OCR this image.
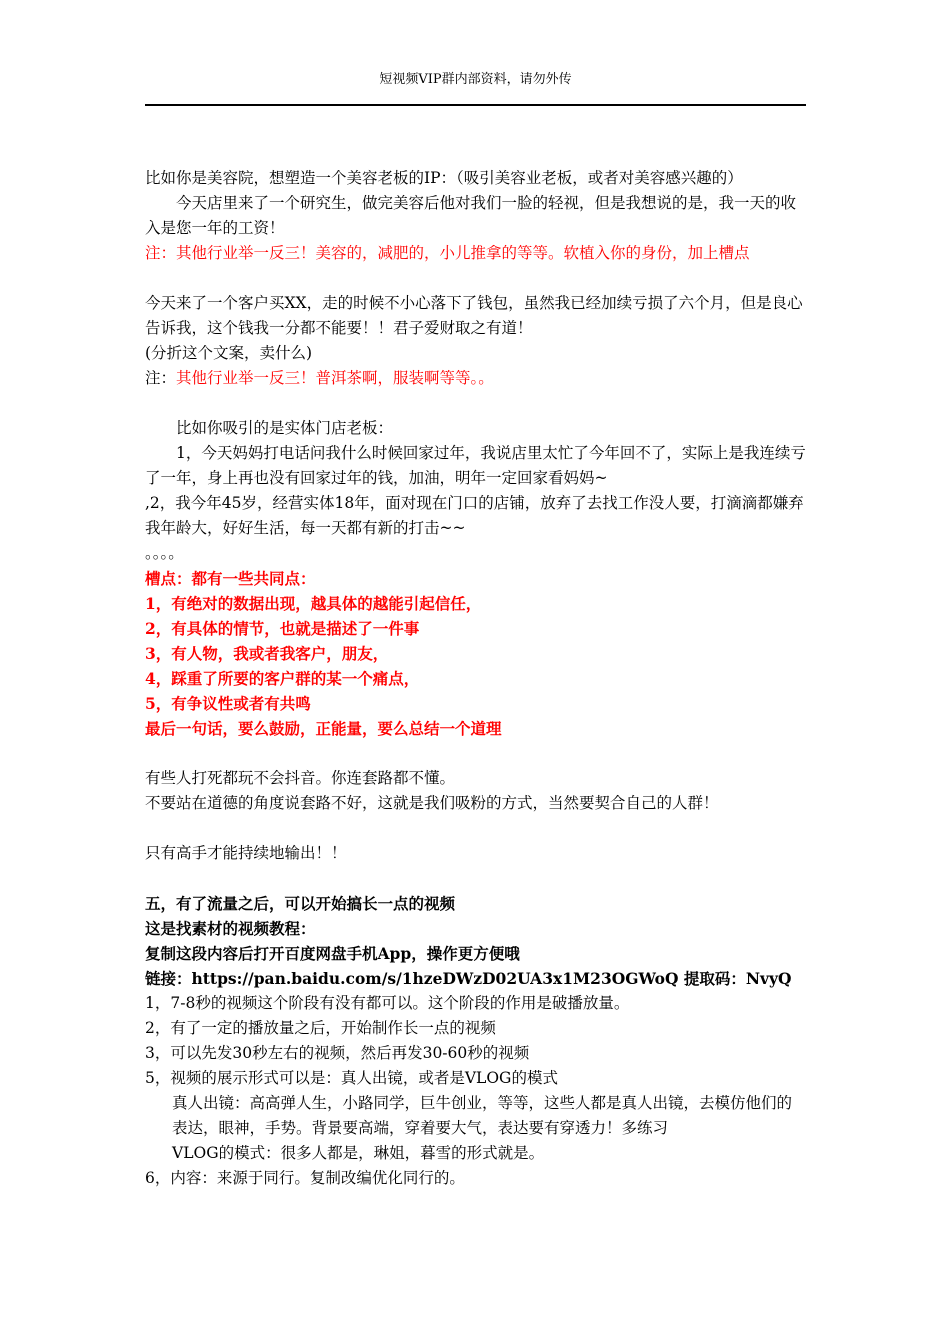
短视频VIP群内部资料，请勿外传

比如你是美容院，想塑造一个美容老板的IP：（吸引美容业老板，或者对美容感兴趣的）

今天店里来了一个研究生，做完美容后他对我们一脸的轻视，但是我想说的是，我一天的收入是您一年的工资！

注：其他行业举一反三！美容的，减肥的，小儿推拿的等等。软植入你的身份，加上槽点

今天来了一个客户买XX，走的时候不小心落下了钱包，虽然我已经加续亏损了六个月，但是良心告诉我，这个钱我一分都不能要！！君子爱财取之有道！

(分折这个文案，卖什么)

注：其他行业举一反三！普洱茶啊，服装啊等等。。

比如你吸引的是实体门店老板：

1，今天妈妈打电话问我什么时候回家过年，我说店里太忙了今年回不了，实际上是我连续亏了一年，身上再也没有回家过年的钱，加油，明年一定回家看妈妈~

,2，我今年45岁，经营实体18年，面对现在门口的店铺，放弃了去找工作没人要，打滴滴都嫌弃我年龄大，好好生活，每一天都有新的打击~~

。。。。

槽点：都有一些共同点：

1，有绝对的数据出现，越具体的越能引起信任，

2，有具体的情节，也就是描述了一件事

3，有人物，我或者我客户，朋友，

4，踩重了所要的客户群的某一个痛点，

5，有争议性或者有共鸣

最后一句话，要么鼓励，正能量，要么总结一个道理

有些人打死都玩不会抖音。你连套路都不懂。

不要站在道德的角度说套路不好，这就是我们吸粉的方式，当然要契合自己的人群！

只有高手才能持续地输出！！

五，有了流量之后，可以开始搞长一点的视频

这是找素材的视频教程：

复制这段内容后打开百度网盘手机App，操作更方便哦

链接：https://pan.baidu.com/s/1hzeDWzD02UA3x1M23OGWoQ 提取码：NvyQ

1，7-8秒的视频这个阶段有没有都可以。这个阶段的作用是破播放量。

2，有了一定的播放量之后，开始制作长一点的视频

3，可以先发30秒左右的视频，然后再发30-60秒的视频

5，视频的展示形式可以是：真人出镜，或者是VLOG的模式

真人出镜：高高弹人生，小路同学，巨牛创业，等等，这些人都是真人出镜，去模仿他们的表达，眼神，手势。背景要高端，穿着要大气，表达要有穿透力！多练习

VLOG的模式：很多人都是，琳姐，暮雪的形式就是。

6，内容：来源于同行。复制改编优化同行的。
